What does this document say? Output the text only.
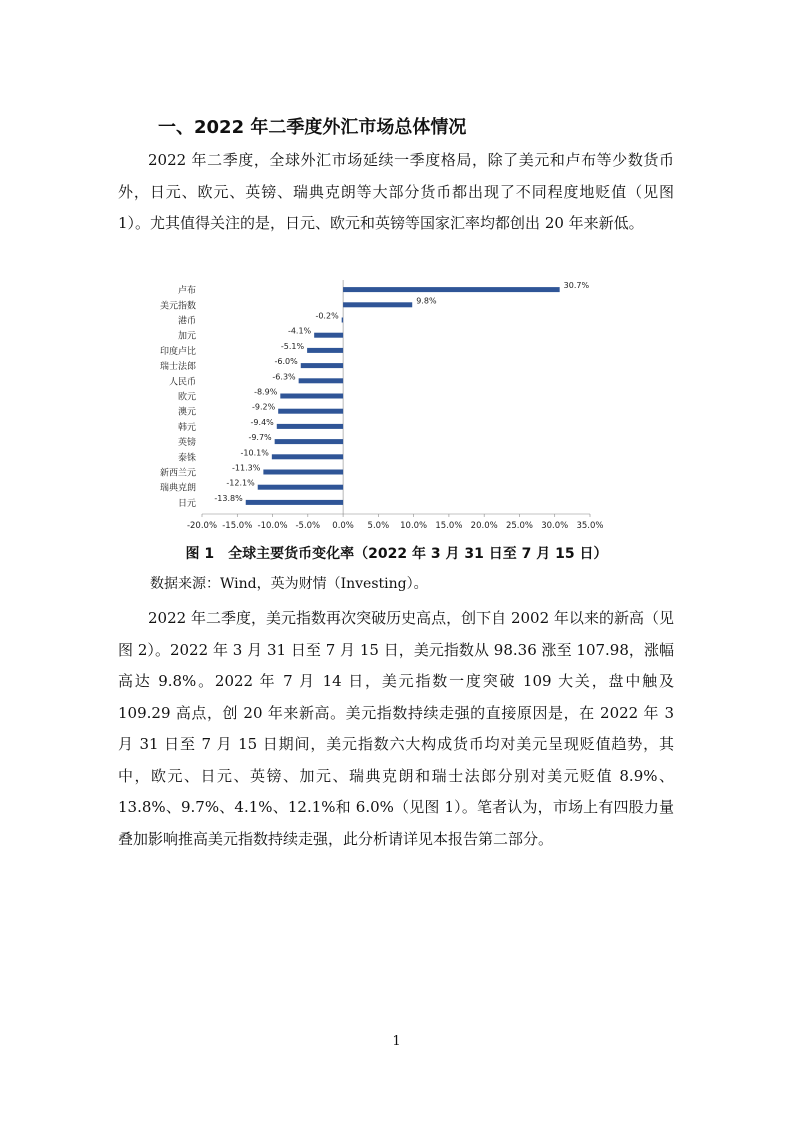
一、2022 年二季度外汇市场总体情况

2022 年二季度，全球外汇市场延续一季度格局，除了美元和卢布等少数货币外，日元、欧元、英镑、瑞典克朗等大部分货币都出现了不同程度地贬值（见图 1）。尤其值得关注的是，日元、欧元和英镑等国家汇率均都创出 20 年来新低。

卢布
30.7%
美元指数
9.8%
港币
-0.2%
加元
-4.1%
印度卢比
-5.1%
瑞士法郎
-6.0%
人民币
-6.3%
欧元
-8.9%
澳元
-9.2%
韩元
-9.4%
英镑
-9.7%
泰铢
-10.1%
新西兰元
-11.3%
瑞典克朗
-12.1%
日元
-13.8%
-20.0% -15.0% -10.0% -5.0% 0.0% 5.0% 10.0% 15.0% 20.0% 25.0% 30.0% 35.0%
图 1　全球主要货币变化率（2022 年 3 月 31 日至 7 月 15 日）
数据来源：Wind，英为财情（Investing）。

2022 年二季度，美元指数再次突破历史高点，创下自 2002 年以来的新高（见图 2）。2022 年 3 月 31 日至 7 月 15 日，美元指数从 98.36 涨至 107.98，涨幅高达 9.8%。2022 年 7 月 14 日，美元指数一度突破 109 大关，盘中触及 109.29 高点，创 20 年来新高。美元指数持续走强的直接原因是，在 2022 年 3 月 31 日至 7 月 15 日期间，美元指数六大构成货币均对美元呈现贬值趋势，其中，欧元、日元、英镑、加元、瑞典克朗和瑞士法郎分别对美元贬值 8.9%、13.8%、9.7%、4.1%、12.1%和 6.0%（见图 1）。笔者认为，市场上有四股力量叠加影响推高美元指数持续走强，此分析请详见本报告第二部分。

1
